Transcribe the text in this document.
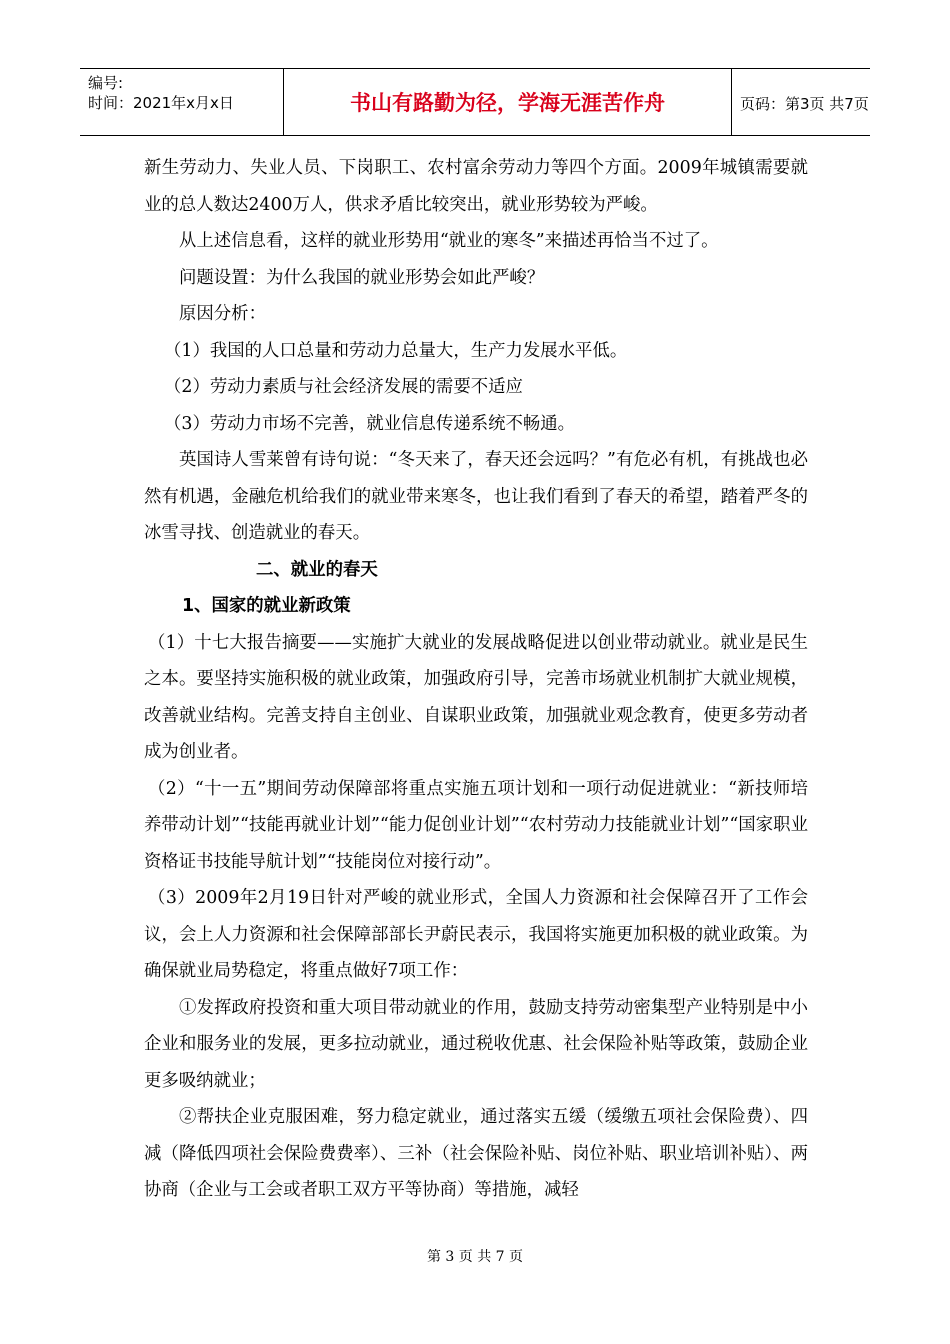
编号:
时间：2021年x月x日	书山有路勤为径，学海无涯苦作舟	页码：第3页 共7页

新生劳动力、失业人员、下岗职工、农村富余劳动力等四个方面。2009年城镇需要就业的总人数达2400万人，供求矛盾比较突出，就业形势较为严峻。

从上述信息看，这样的就业形势用“就业的寒冬”来描述再恰当不过了。

问题设置：为什么我国的就业形势会如此严峻？

原因分析：

（1）我国的人口总量和劳动力总量大，生产力发展水平低。

（2）劳动力素质与社会经济发展的需要不适应

（3）劳动力市场不完善，就业信息传递系统不畅通。

英国诗人雪莱曾有诗句说：“冬天来了，春天还会远吗？”有危必有机，有挑战也必然有机遇，金融危机给我们的就业带来寒冬，也让我们看到了春天的希望，踏着严冬的冰雪寻找、创造就业的春天。

二、就业的春天

1、国家的就业新政策

（1）十七大报告摘要——实施扩大就业的发展战略促进以创业带动就业。就业是民生之本。要坚持实施积极的就业政策，加强政府引导，完善市场就业机制扩大就业规模，改善就业结构。完善支持自主创业、自谋职业政策，加强就业观念教育，使更多劳动者成为创业者。

（2）“十一五”期间劳动保障部将重点实施五项计划和一项行动促进就业：“新技师培养带动计划”“技能再就业计划”“能力促创业计划”“农村劳动力技能就业计划”“国家职业资格证书技能导航计划”“技能岗位对接行动”。

（3）2009年2月19日针对严峻的就业形式，全国人力资源和社会保障召开了工作会议，会上人力资源和社会保障部部长尹蔚民表示，我国将实施更加积极的就业政策。为确保就业局势稳定，将重点做好7项工作：

①发挥政府投资和重大项目带动就业的作用，鼓励支持劳动密集型产业特别是中小企业和服务业的发展，更多拉动就业，通过税收优惠、社会保险补贴等政策，鼓励企业更多吸纳就业；

②帮扶企业克服困难，努力稳定就业，通过落实五缓（缓缴五项社会保险费）、四减（降低四项社会保险费费率）、三补（社会保险补贴、岗位补贴、职业培训补贴）、两协商（企业与工会或者职工双方平等协商）等措施，减轻

第 3 页 共 7 页
